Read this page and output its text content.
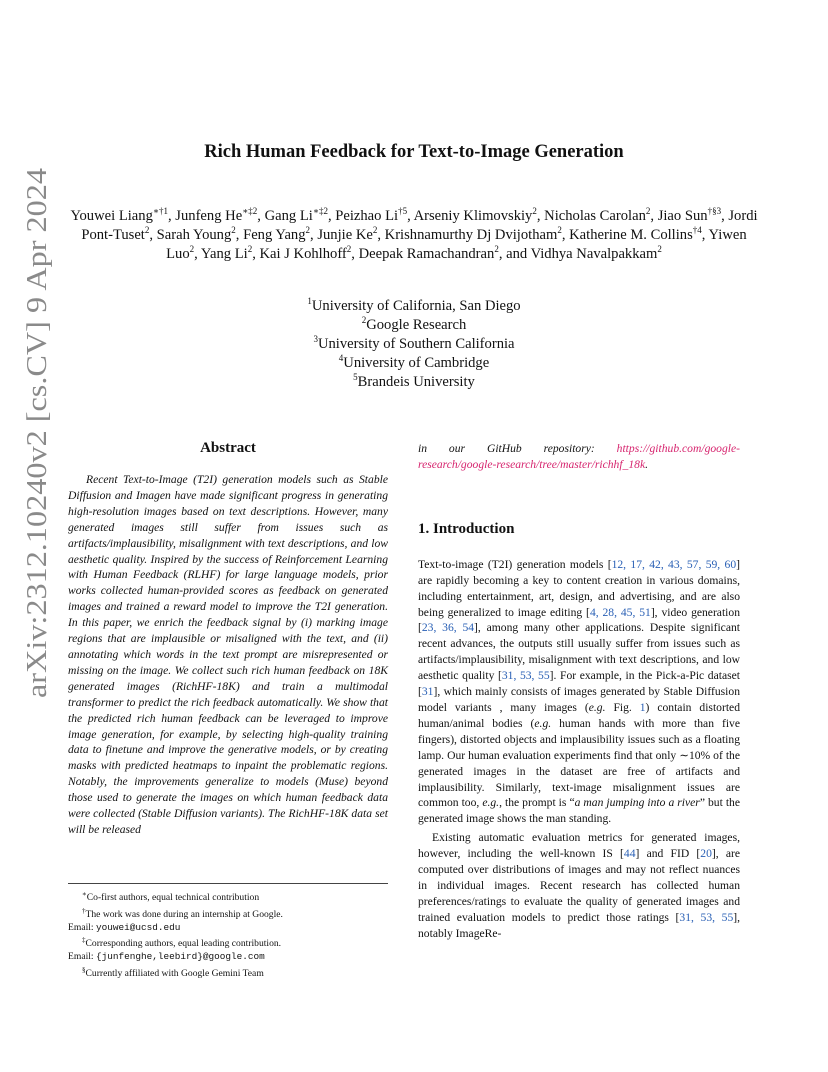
arXiv:2312.10240v2 [cs.CV] 9 Apr 2024
Rich Human Feedback for Text-to-Image Generation
Youwei Liang$^{∗\dagger 1}$, Junfeng $He^{∗\ddagger 2}$, Gang $Li^{∗\ddagger 2}$, Peizhao Li$^{\dagger 5}$, Arseniy Klimovskiy$^2$, Nicholas Carolan$^2$, Jiao Sun$^{\dagger\S 3}$, Jordi Pont-Tuset$^2$, Sarah Young$^2$, Feng Yang$^2$, Junjie Ke$^2$, Krishnamurthy Dj Dvijotham$^2$, Katherine M. Collins$^{\dagger 4}$, Yiwen Luo$^2$, Yang Li$^2$, Kai J Kohlhoff$^2$, Deepak Ramachandran$^2$, and Vidhya Navalpakkam$^2$
$^1$University of California, San Diego
$^2$Google Research
$^3$University of Southern California
$^4$University of Cambridge
$^5$Brandeis University
Abstract

Recent Text-to-Image (T2I) generation models such as Stable Diffusion and Imagen have made significant progress in generating high-resolution images based on text descriptions. However, many generated images still suffer from issues such as artifacts/implausibility, misalignment with text descriptions, and low aesthetic quality. Inspired by the success of Reinforcement Learning with Human Feedback (RLHF) for large language models, prior works collected human-provided scores as feedback on generated images and trained a reward model to improve the T2I generation. In this paper, we enrich the feedback signal by (i) marking image regions that are implausible or misaligned with the text, and (ii) annotating which words in the text prompt are misrepresented or missing on the image. We collect such rich human feedback on 18K generated images (RichHF-18K) and train a multimodal transformer to predict the rich feedback automatically. We show that the predicted rich human feedback can be leveraged to improve image generation, for example, by selecting high-quality training data to finetune and improve the generative models, or by creating masks with predicted heatmaps to inpaint the problematic regions. Notably, the improvements generalize to models (Muse) beyond those used to generate the images on which human feedback data were collected (Stable Diffusion variants). The RichHF-18K data set will be released

in our GitHub repository: https://github.com/google-research/google-research/tree/master/richhf_18k.
1. Introduction

Text-to-image (T2I) generation models [12, 17, 42, 43, 57, 59, 60] are rapidly becoming a key to content creation in various domains, including entertainment, art, design, and advertising, and are also being generalized to image editing [4, 28, 45, 51], video generation [23, 36, 54], among many other applications. Despite significant recent advances, the outputs still usually suffer from issues such as artifacts/implausibility, misalignment with text descriptions, and low aesthetic quality [31, 53, 55]. For example, in the Pick-a-Pic dataset [31], which mainly consists of images generated by Stable Diffusion model variants , many images (e.g. Fig. 1) contain distorted human/animal bodies (e.g. human hands with more than five fingers), distorted objects and implausibility issues such as a floating lamp. Our human evaluation experiments find that only ∼10% of the generated images in the dataset are free of artifacts and implausibility. Similarly, text-image misalignment issues are common too, e.g., the prompt is “a man jumping into a river” but the generated image shows the man standing.

Existing automatic evaluation metrics for generated images, however, including the well-known IS [44] and FID [20], are computed over distributions of images and may not reflect nuances in individual images. Recent research has collected human preferences/ratings to evaluate the quality of generated images and trained evaluation models to predict those ratings [31, 53, 55], notably ImageRe-

∗Co-first authors, equal technical contribution
†The work was done during an internship at Google.
Email: youwei@ucsd.edu
‡Corresponding authors, equal leading contribution.
Email: {junfenghe,leebird}@google.com
§Currently affiliated with Google Gemini Team
